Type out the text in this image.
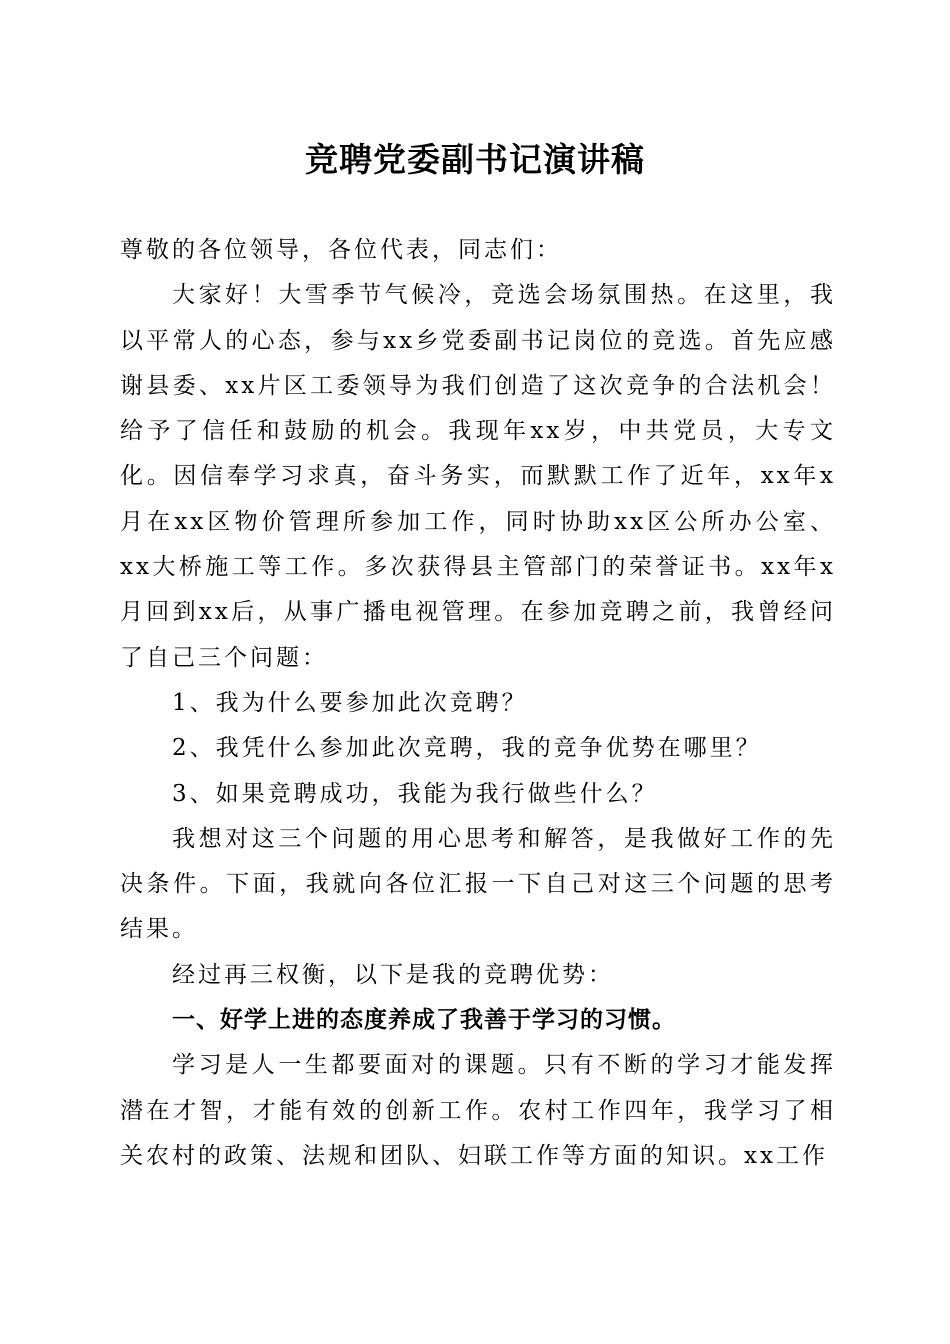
竞聘党委副书记演讲稿

尊敬的各位领导，各位代表，同志们：

大家好！大雪季节气候冷，竞选会场氛围热。在这里，我以平常人的心态，参与xx乡党委副书记岗位的竞选。首先应感谢县委、xx片区工委领导为我们创造了这次竞争的合法机会！给予了信任和鼓励的机会。我现年xx岁，中共党员，大专文化。因信奉学习求真，奋斗务实，而默默工作了近年，xx年x月在xx区物价管理所参加工作，同时协助xx区公所办公室、xx大桥施工等工作。多次获得县主管部门的荣誉证书。xx年x月回到xx后，从事广播电视管理。在参加竞聘之前，我曾经问了自己三个问题：

1、我为什么要参加此次竞聘？

2、我凭什么参加此次竞聘，我的竞争优势在哪里？

3、如果竞聘成功，我能为我行做些什么？

我想对这三个问题的用心思考和解答，是我做好工作的先决条件。下面，我就向各位汇报一下自己对这三个问题的思考结果。

经过再三权衡，以下是我的竞聘优势：

一、好学上进的态度养成了我善于学习的习惯。

学习是人一生都要面对的课题。只有不断的学习才能发挥潜在才智，才能有效的创新工作。农村工作四年，我学习了相关农村的政策、法规和团队、妇联工作等方面的知识。xx工作
